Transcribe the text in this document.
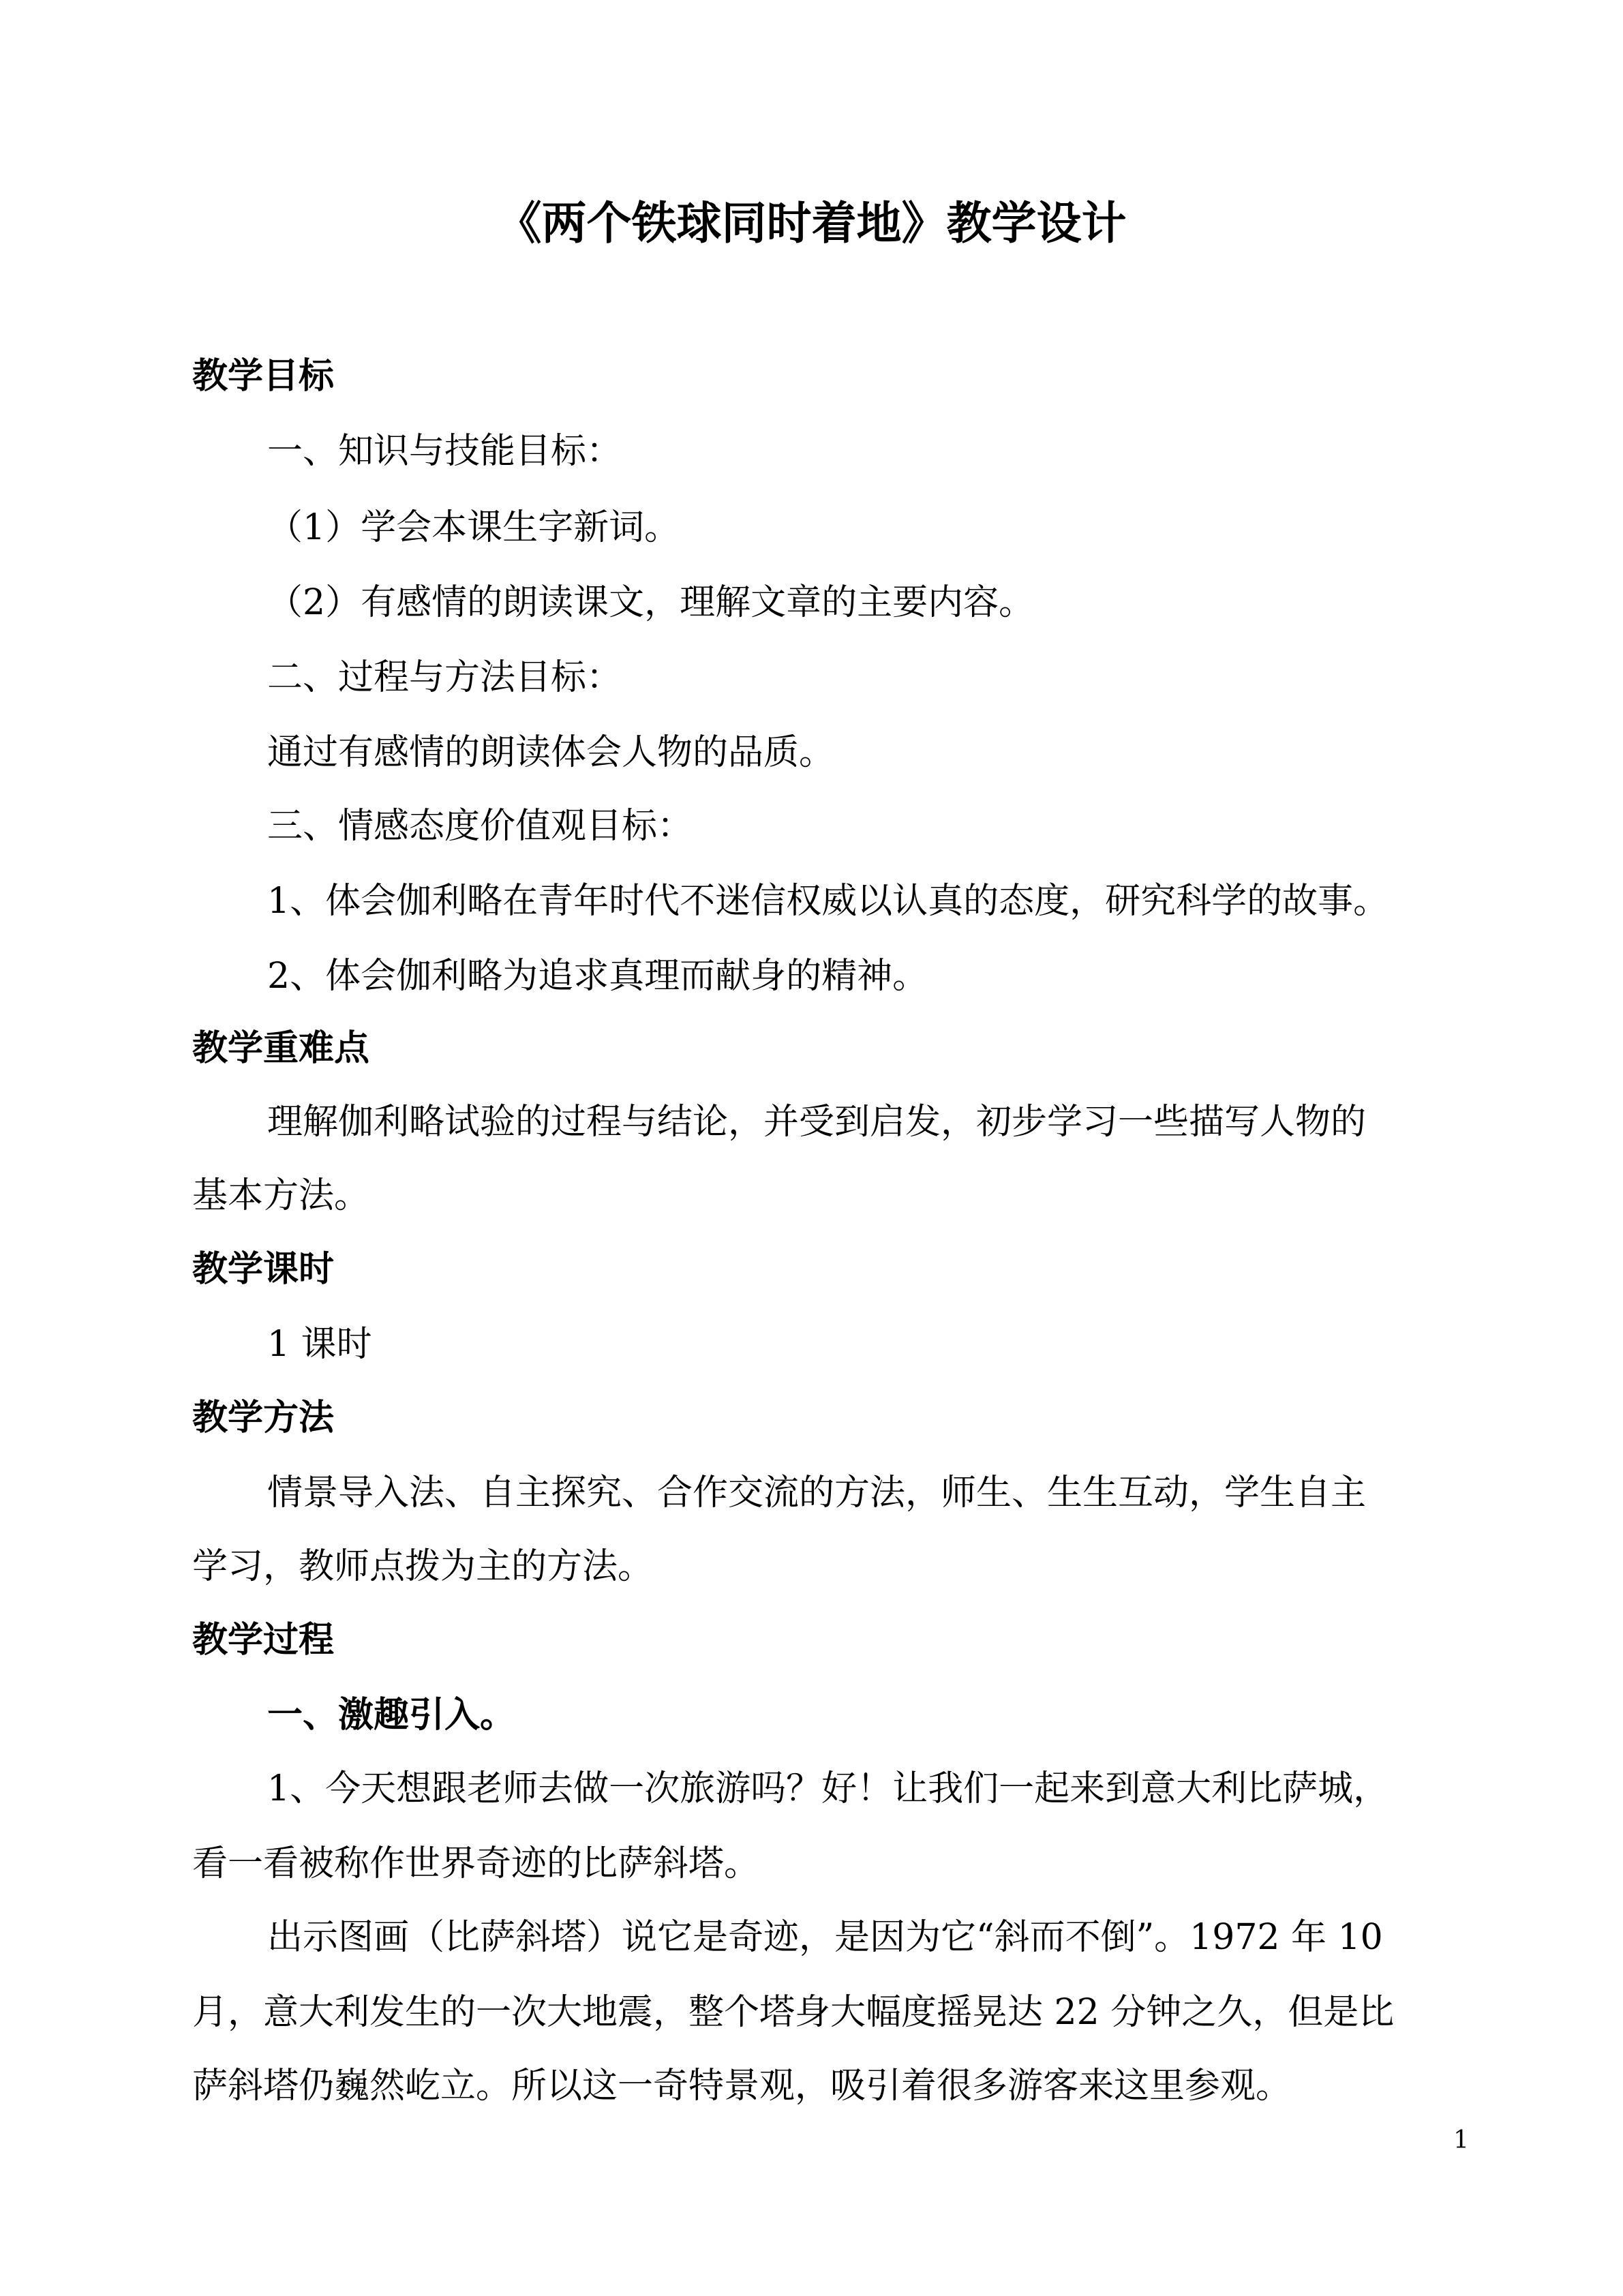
《两个铁球同时着地》教学设计
教学目标
一、知识与技能目标：
（1）学会本课生字新词。
（2）有感情的朗读课文，理解文章的主要内容。
二、过程与方法目标：
通过有感情的朗读体会人物的品质。
三、情感态度价值观目标：
1、体会伽利略在青年时代不迷信权威以认真的态度，研究科学的故事。
2、体会伽利略为追求真理而献身的精神。
教学重难点
理解伽利略试验的过程与结论，并受到启发，初步学习一些描写人物的
基本方法。
教学课时
1 课时
教学方法
情景导入法、自主探究、合作交流的方法，师生、生生互动，学生自主
学习，教师点拨为主的方法。
教学过程
一、激趣引入。
1、今天想跟老师去做一次旅游吗？好！让我们一起来到意大利比萨城，
看一看被称作世界奇迹的比萨斜塔。
出示图画（比萨斜塔）说它是奇迹，是因为它“斜而不倒”。1972 年 10
月，意大利发生的一次大地震，整个塔身大幅度摇晃达 22 分钟之久，但是比
萨斜塔仍巍然屹立。所以这一奇特景观，吸引着很多游客来这里参观。
1
